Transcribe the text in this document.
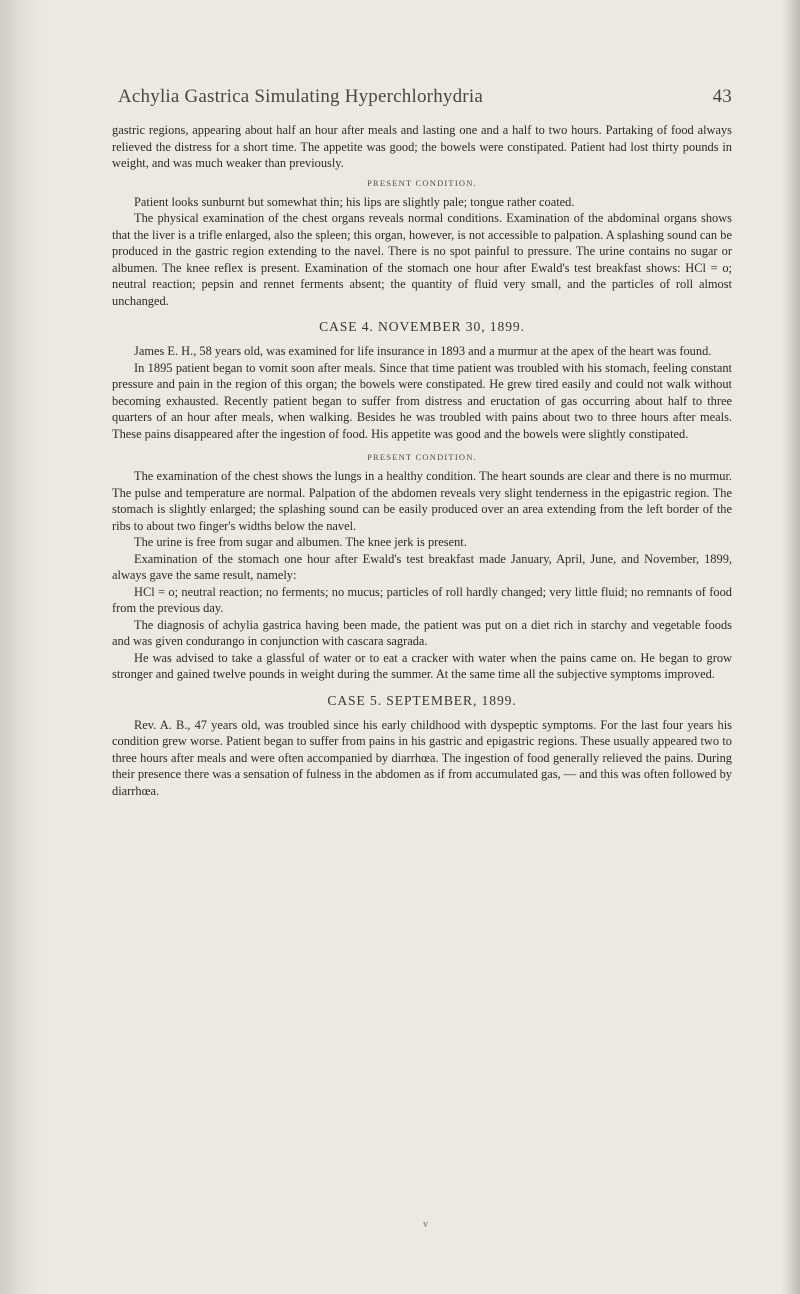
Achylia Gastrica Simulating Hyperchlorhydria	43

gastric regions, appearing about half an hour after meals and lasting one and a half to two hours. Partaking of food always relieved the distress for a short time. The appetite was good; the bowels were constipated. Patient had lost thirty pounds in weight, and was much weaker than previously.

PRESENT CONDITION.

Patient looks sunburnt but somewhat thin; his lips are slightly pale; tongue rather coated.

The physical examination of the chest organs reveals normal conditions. Examination of the abdominal organs shows that the liver is a trifle enlarged, also the spleen; this organ, however, is not accessible to palpation. A splashing sound can be produced in the gastric region extending to the navel. There is no spot painful to pressure. The urine contains no sugar or albumen. The knee reflex is present. Examination of the stomach one hour after Ewald's test breakfast shows: HCl = o; neutral reaction; pepsin and rennet ferments absent; the quantity of fluid very small, and the particles of roll almost unchanged.

CASE 4. NOVEMBER 30, 1899.

James E. H., 58 years old, was examined for life insurance in 1893 and a murmur at the apex of the heart was found.

In 1895 patient began to vomit soon after meals. Since that time patient was troubled with his stomach, feeling constant pressure and pain in the region of this organ; the bowels were constipated. He grew tired easily and could not walk without becoming exhausted. Recently patient began to suffer from distress and eructation of gas occurring about half to three quarters of an hour after meals, when walking. Besides he was troubled with pains about two to three hours after meals. These pains disappeared after the ingestion of food. His appetite was good and the bowels were slightly constipated.

PRESENT CONDITION.

The examination of the chest shows the lungs in a healthy condition. The heart sounds are clear and there is no murmur. The pulse and temperature are normal. Palpation of the abdomen reveals very slight tenderness in the epigastric region. The stomach is slightly enlarged; the splashing sound can be easily produced over an area extending from the left border of the ribs to about two finger's widths below the navel.

The urine is free from sugar and albumen. The knee jerk is present.

Examination of the stomach one hour after Ewald's test breakfast made January, April, June, and November, 1899, always gave the same result, namely:

HCl = o; neutral reaction; no ferments; no mucus; particles of roll hardly changed; very little fluid; no remnants of food from the previous day.

The diagnosis of achylia gastrica having been made, the patient was put on a diet rich in starchy and vegetable foods and was given condurango in conjunction with cascara sagrada.

He was advised to take a glassful of water or to eat a cracker with water when the pains came on. He began to grow stronger and gained twelve pounds in weight during the summer. At the same time all the subjective symptoms improved.

CASE 5. SEPTEMBER, 1899.

Rev. A. B., 47 years old, was troubled since his early childhood with dyspeptic symptoms. For the last four years his condition grew worse. Patient began to suffer from pains in his gastric and epigastric regions. These usually appeared two to three hours after meals and were often accompanied by diarrhœa. The ingestion of food generally relieved the pains. During their presence there was a sensation of fulness in the abdomen as if from accumulated gas, — and this was often followed by diarrhœa.

v
